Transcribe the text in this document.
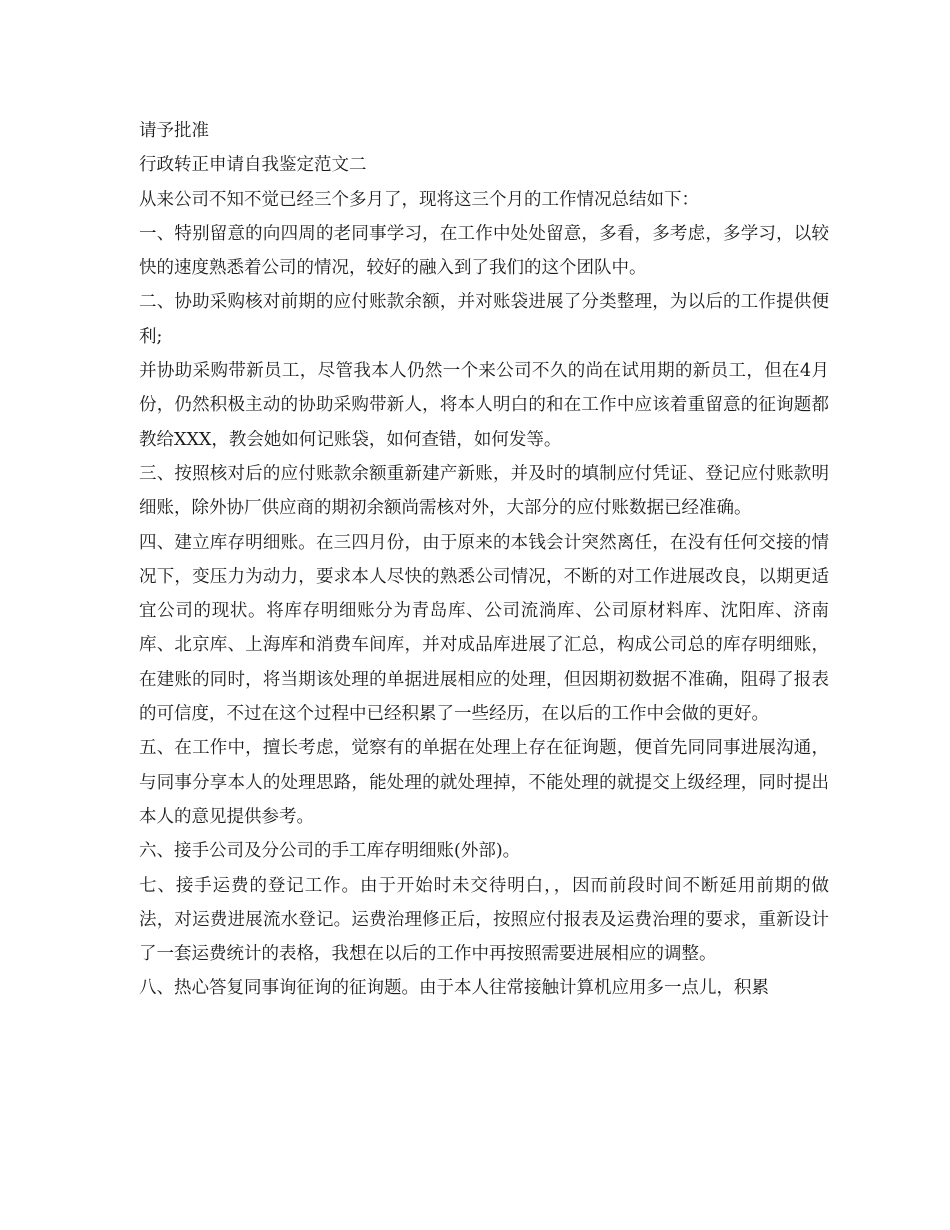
请予批准

行政转正申请自我鉴定范文二

从来公司不知不觉已经三个多月了，现将这三个月的工作情况总结如下：

一、特别留意的向四周的老同事学习，在工作中处处留意，多看，多考虑，多学习，以较快的速度熟悉着公司的情况，较好的融入到了我们的这个团队中。

二、协助采购核对前期的应付账款余额，并对账袋进展了分类整理，为以后的工作提供便利;

并协助采购带新员工，尽管我本人仍然一个来公司不久的尚在试用期的新员工，但在4月份，仍然积极主动的协助采购带新人，将本人明白的和在工作中应该着重留意的征询题都教给XXX，教会她如何记账袋，如何查错，如何发等。

三、按照核对后的应付账款余额重新建产新账，并及时的填制应付凭证、登记应付账款明细账，除外协厂供应商的期初余额尚需核对外，大部分的应付账数据已经准确。

四、建立库存明细账。在三四月份，由于原来的本钱会计突然离任，在没有任何交接的情况下，变压力为动力，要求本人尽快的熟悉公司情况，不断的对工作进展改良，以期更适宜公司的现状。将库存明细账分为青岛库、公司流淌库、公司原材料库、沈阳库、济南库、北京库、上海库和消费车间库，并对成品库进展了汇总，构成公司总的库存明细账，在建账的同时，将当期该处理的单据进展相应的处理，但因期初数据不准确，阻碍了报表的可信度，不过在这个过程中已经积累了一些经历，在以后的工作中会做的更好。

五、在工作中，擅长考虑，觉察有的单据在处理上存在征询题，便首先同同事进展沟通，与同事分享本人的处理思路，能处理的就处理掉，不能处理的就提交上级经理，同时提出本人的意见提供参考。

六、接手公司及分公司的手工库存明细账(外部)。

七、接手运费的登记工作。由于开始时未交待明白，，因而前段时间不断延用前期的做法，对运费进展流水登记。运费治理修正后，按照应付报表及运费治理的要求，重新设计了一套运费统计的表格，我想在以后的工作中再按照需要进展相应的调整。

八、热心答复同事询征询的征询题。由于本人往常接触计算机应用多一点儿，积累
